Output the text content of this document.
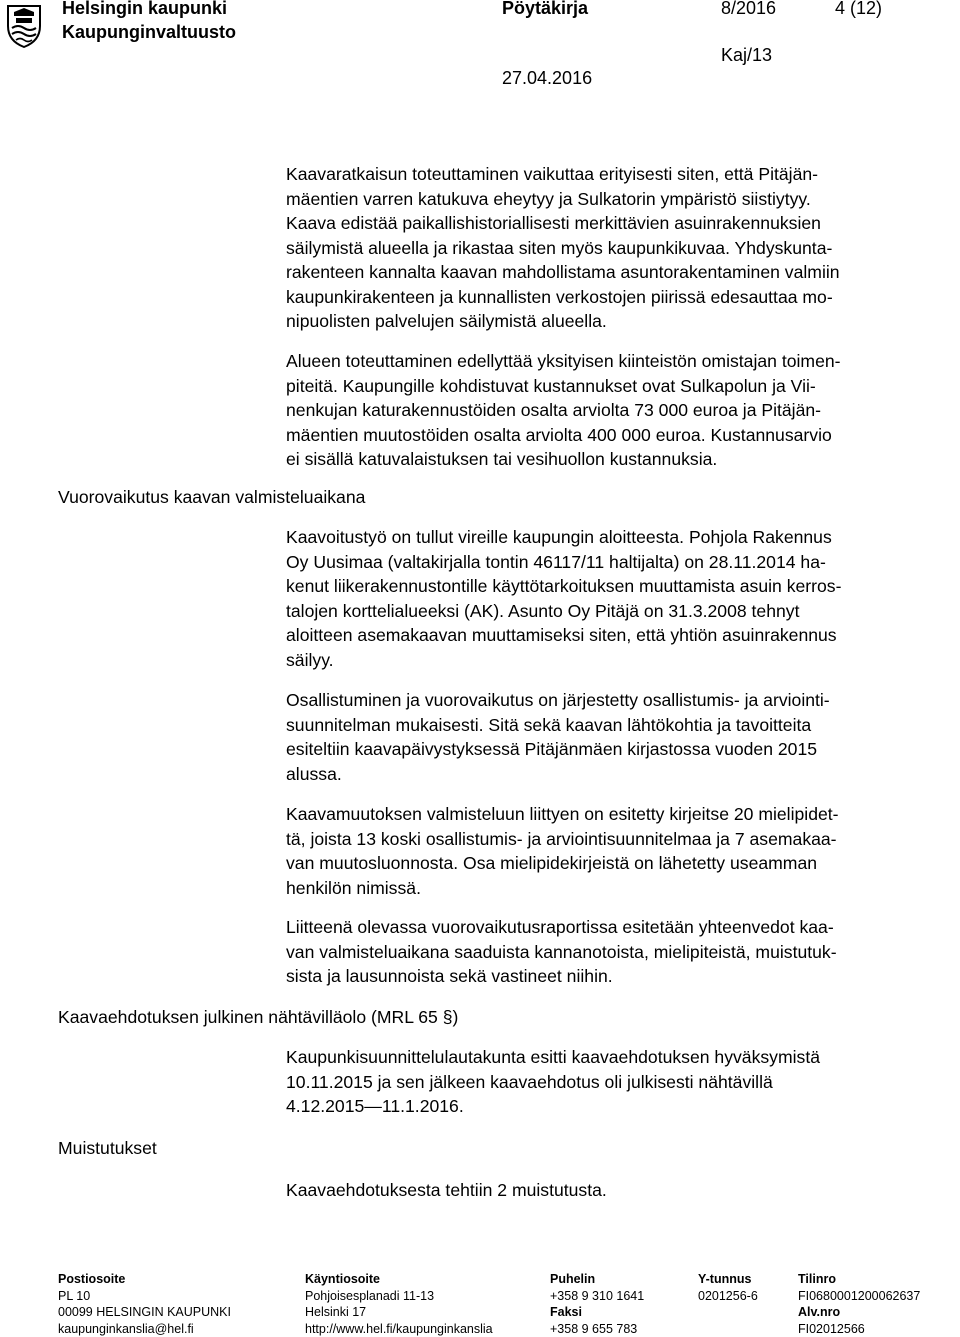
Helsingin kaupunki
Kaupunginvaltuusto
Pöytäkirja	8/2016	4 (12)
Kaj/13
27.04.2016
Kaavaratkaisun toteuttaminen vaikuttaa erityisesti siten, että Pitäjän-
mäentien varren katukuva eheytyy ja Sulkatorin ympäristö siistiytyy.
Kaava edistää paikallishistoriallisesti merkittävien asuinrakennuksien
säilymistä alueella ja rikastaa siten myös kaupunkikuvaa. Yhdyskunta-
rakenteen kannalta kaavan mahdollistama asuntorakentaminen valmiin
kaupunkirakenteen ja kunnallisten verkostojen piirissä edesauttaa mo-
nipuolisten palvelujen säilymistä alueella.
Alueen toteuttaminen edellyttää yksityisen kiinteistön omistajan toimen-
piteitä. Kaupungille kohdistuvat kustannukset ovat Sulkapolun ja Vii-
nenkujan katurakennustöiden osalta arviolta 73 000 euroa ja Pitäjän-
mäentien muutostöiden osalta arviolta 400 000 euroa. Kustannusarvio
ei sisällä katuvalaistuksen tai vesihuollon kustannuksia.
Vuorovaikutus kaavan valmisteluaikana
Kaavoitustyö on tullut vireille kaupungin aloitteesta. Pohjola Rakennus
Oy Uusimaa (valtakirjalla tontin 46117/11 haltijalta) on 28.11.2014 ha-
kenut liikerakennustontille käyttötarkoituksen muuttamista asuin kerros-
talojen korttelialueeksi (AK). Asunto Oy Pitäjä on 31.3.2008 tehnyt
aloitteen asemakaavan muuttamiseksi siten, että yhtiön asuinrakennus
säilyy.
Osallistuminen ja vuorovaikutus on järjestetty osallistumis- ja arviointi-
suunnitelman mukaisesti. Sitä sekä kaavan lähtökohtia ja tavoitteita
esiteltiin kaavapäivystyksessä Pitäjänmäen kirjastossa vuoden 2015
alussa.
Kaavamuutoksen valmisteluun liittyen on esitetty kirjeitse 20 mielipidet-
tä, joista 13 koski osallistumis- ja arviointisuunnitelmaa ja 7 asemakaa-
van muutosluonnosta. Osa mielipidekirjeistä on lähetetty useamman
henkilön nimissä.
Liitteenä olevassa vuorovaikutusraportissa esitetään yhteenvedot kaa-
van valmisteluaikana saaduista kannanotoista, mielipiteistä, muistutuk-
sista ja lausunnoista sekä vastineet niihin.
Kaavaehdotuksen julkinen nähtävilläolo (MRL 65 §)
Kaupunkisuunnittelulautakunta esitti kaavaehdotuksen hyväksymistä
10.11.2015 ja sen jälkeen kaavaehdotus oli julkisesti nähtävillä
4.12.2015—11.1.2016.
Muistutukset
Kaavaehdotuksesta tehtiin 2 muistutusta.
Postiosoite
PL 10
00099 HELSINGIN KAUPUNKI
kaupunginkanslia@hel.fi
Käyntiosoite
Pohjoisesplanadi 11-13
Helsinki 17
http://www.hel.fi/kaupunginkanslia
Puhelin
+358 9 310 1641
Faksi
+358 9 655 783
Y-tunnus
0201256-6
Tilinro
FI0680001200062637
Alv.nro
FI02012566
